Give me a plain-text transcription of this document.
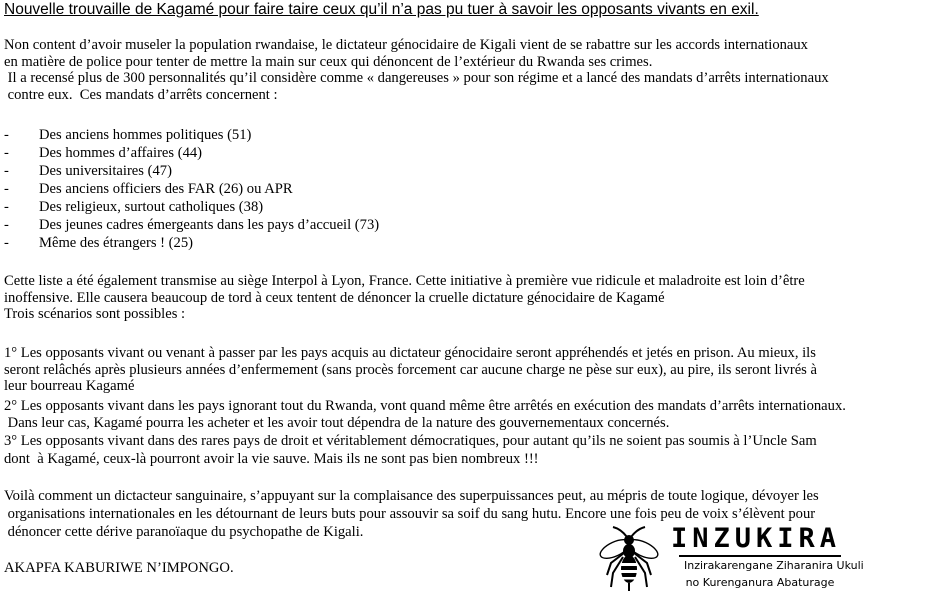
Nouvelle trouvaille de Kagamé pour faire taire ceux qu’il n’a pas pu tuer à savoir les opposants vivants en exil.
Non content d’avoir museler la population rwandaise, le dictateur génocidaire de Kigali vient de se rabattre sur les accords internationaux
en matière de police pour tenter de mettre la main sur ceux qui dénoncent de l’extérieur du Rwanda ses crimes.
Il a recensé plus de 300 personnalités qu’il considère comme « dangereuses » pour son régime et a lancé des mandats d’arrêts internationaux
contre eux.  Ces mandats d’arrêts concernent :
- Des anciens hommes politiques (51)
- Des hommes d’affaires (44)
- Des universitaires (47)
- Des anciens officiers des FAR (26) ou APR
- Des religieux, surtout catholiques (38)
- Des jeunes cadres émergeants dans les pays d’accueil (73)
- Même des étrangers ! (25)
Cette liste a été également transmise au siège Interpol à Lyon, France. Cette initiative à première vue ridicule et maladroite est loin d’être
inoffensive. Elle causera beaucoup de tord à ceux tentent de dénoncer la cruelle dictature génocidaire de Kagamé
Trois scénarios sont possibles :
1° Les opposants vivant ou venant à passer par les pays acquis au dictateur génocidaire seront appréhendés et jetés en prison. Au mieux, ils
seront relâchés après plusieurs années d’enfermement (sans procès forcement car aucune charge ne pèse sur eux), au pire, ils seront livrés à
leur bourreau Kagamé
2° Les opposants vivant dans les pays ignorant tout du Rwanda, vont quand même être arrêtés en exécution des mandats d’arrêts internationaux.
Dans leur cas, Kagamé pourra les acheter et les avoir tout dépendra de la nature des gouvernementaux concernés.
3° Les opposants vivant dans des rares pays de droit et véritablement démocratiques, pour autant qu’ils ne soient pas soumis à l’Uncle Sam
dont  à Kagamé, ceux-là pourront avoir la vie sauve. Mais ils ne sont pas bien nombreux !!!
Voilà comment un dictacteur sanguinaire, s’appuyant sur la complaisance des superpuissances peut, au mépris de toute logique, dévoyer les
organisations internationales en les détournant de leurs buts pour assouvir sa soif du sang hutu. Encore une fois peu de voix s’élèvent pour
dénoncer cette dérive paranoïaque du psychopathe de Kigali.
AKAPFA KABURIWE N’IMPONGO.
INZUKIRA
Inzirakarengane Ziharanira Ukuli
no Kurenganura Abaturage
